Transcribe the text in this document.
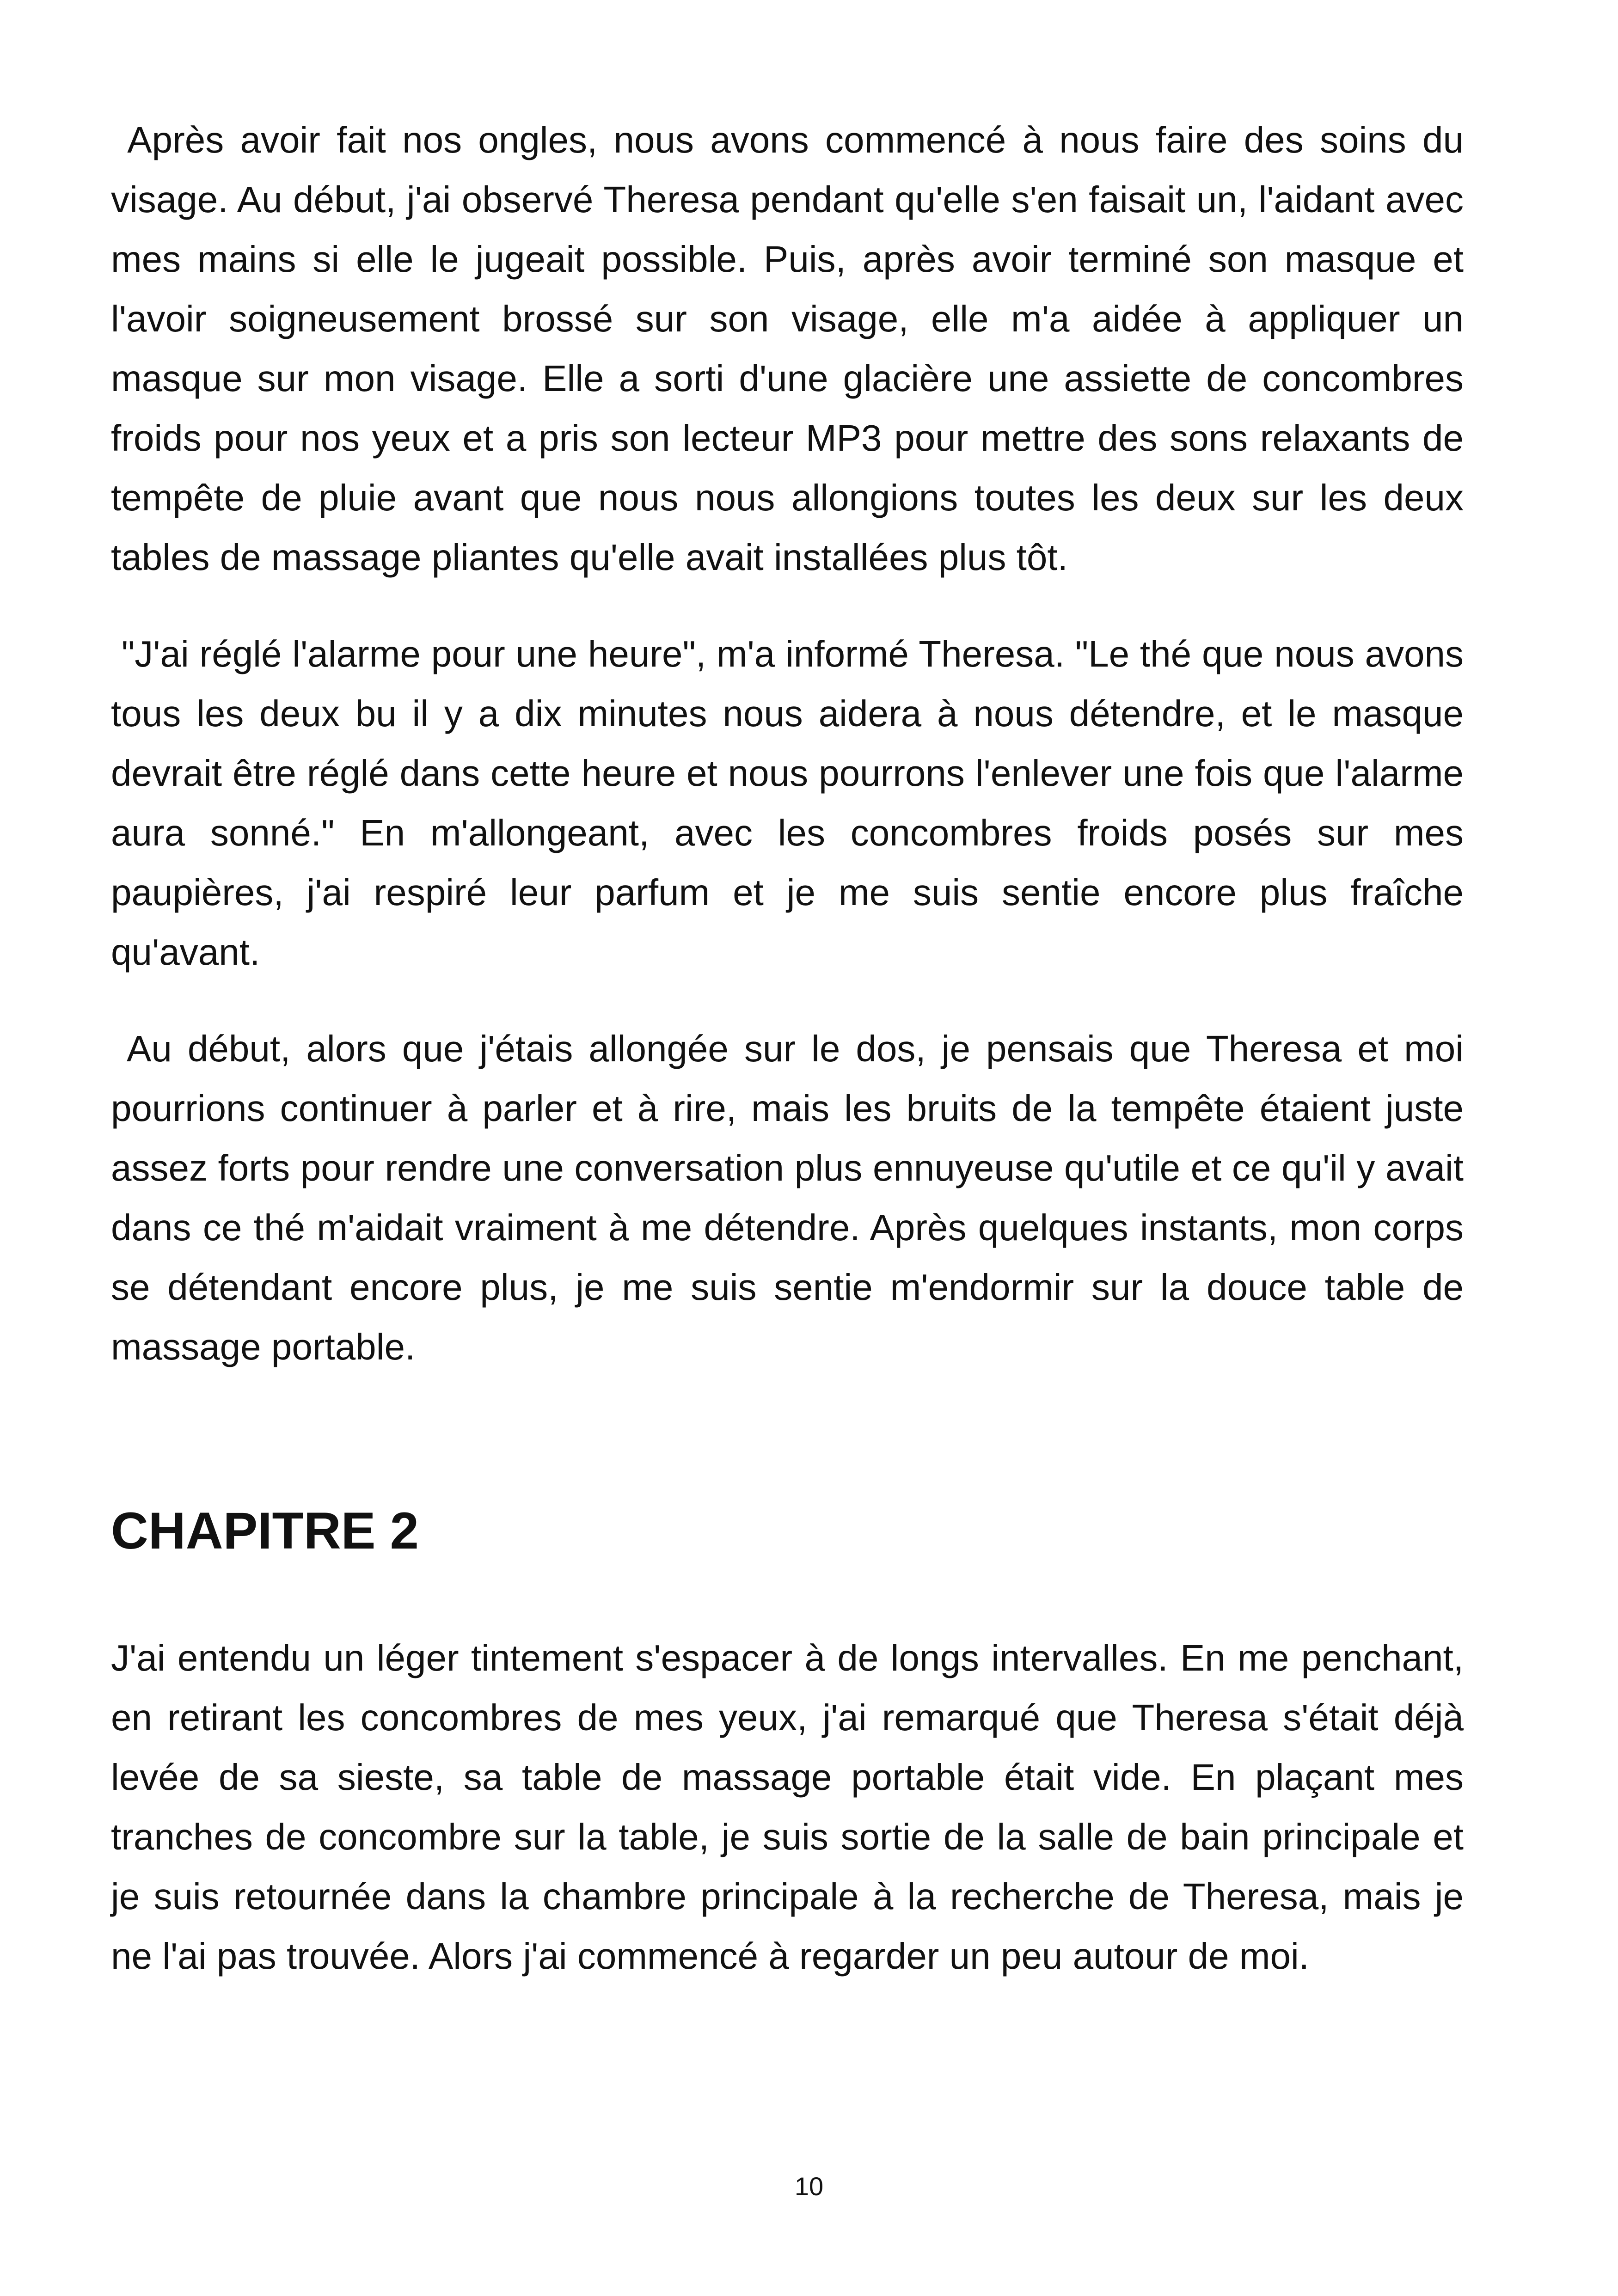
Après avoir fait nos ongles, nous avons commencé à nous faire des soins du visage. Au début, j'ai observé Theresa pendant qu'elle s'en faisait un, l'aidant avec mes mains si elle le jugeait possible. Puis, après avoir terminé son masque et l'avoir soigneusement brossé sur son visage, elle m'a aidée à appliquer un masque sur mon visage. Elle a sorti d'une glacière une assiette de concombres froids pour nos yeux et a pris son lecteur MP3 pour mettre des sons relaxants de tempête de pluie avant que nous nous allongions toutes les deux sur les deux tables de massage pliantes qu'elle avait installées plus tôt.

"J'ai réglé l'alarme pour une heure", m'a informé Theresa. "Le thé que nous avons tous les deux bu il y a dix minutes nous aidera à nous détendre, et le masque devrait être réglé dans cette heure et nous pourrons l'enlever une fois que l'alarme aura sonné." En m'allongeant, avec les concombres froids posés sur mes paupières, j'ai respiré leur parfum et je me suis sentie encore plus fraîche qu'avant.

Au début, alors que j'étais allongée sur le dos, je pensais que Theresa et moi pourrions continuer à parler et à rire, mais les bruits de la tempête étaient juste assez forts pour rendre une conversation plus ennuyeuse qu'utile et ce qu'il y avait dans ce thé m'aidait vraiment à me détendre. Après quelques instants, mon corps se détendant encore plus, je me suis sentie m'endormir sur la douce table de massage portable.

CHAPITRE 2

J'ai entendu un léger tintement s'espacer à de longs intervalles. En me penchant, en retirant les concombres de mes yeux, j'ai remarqué que Theresa s'était déjà levée de sa sieste, sa table de massage portable était vide. En plaçant mes tranches de concombre sur la table, je suis sortie de la salle de bain principale et je suis retournée dans la chambre principale à la recherche de Theresa, mais je ne l'ai pas trouvée. Alors j'ai commencé à regarder un peu autour de moi.

10
